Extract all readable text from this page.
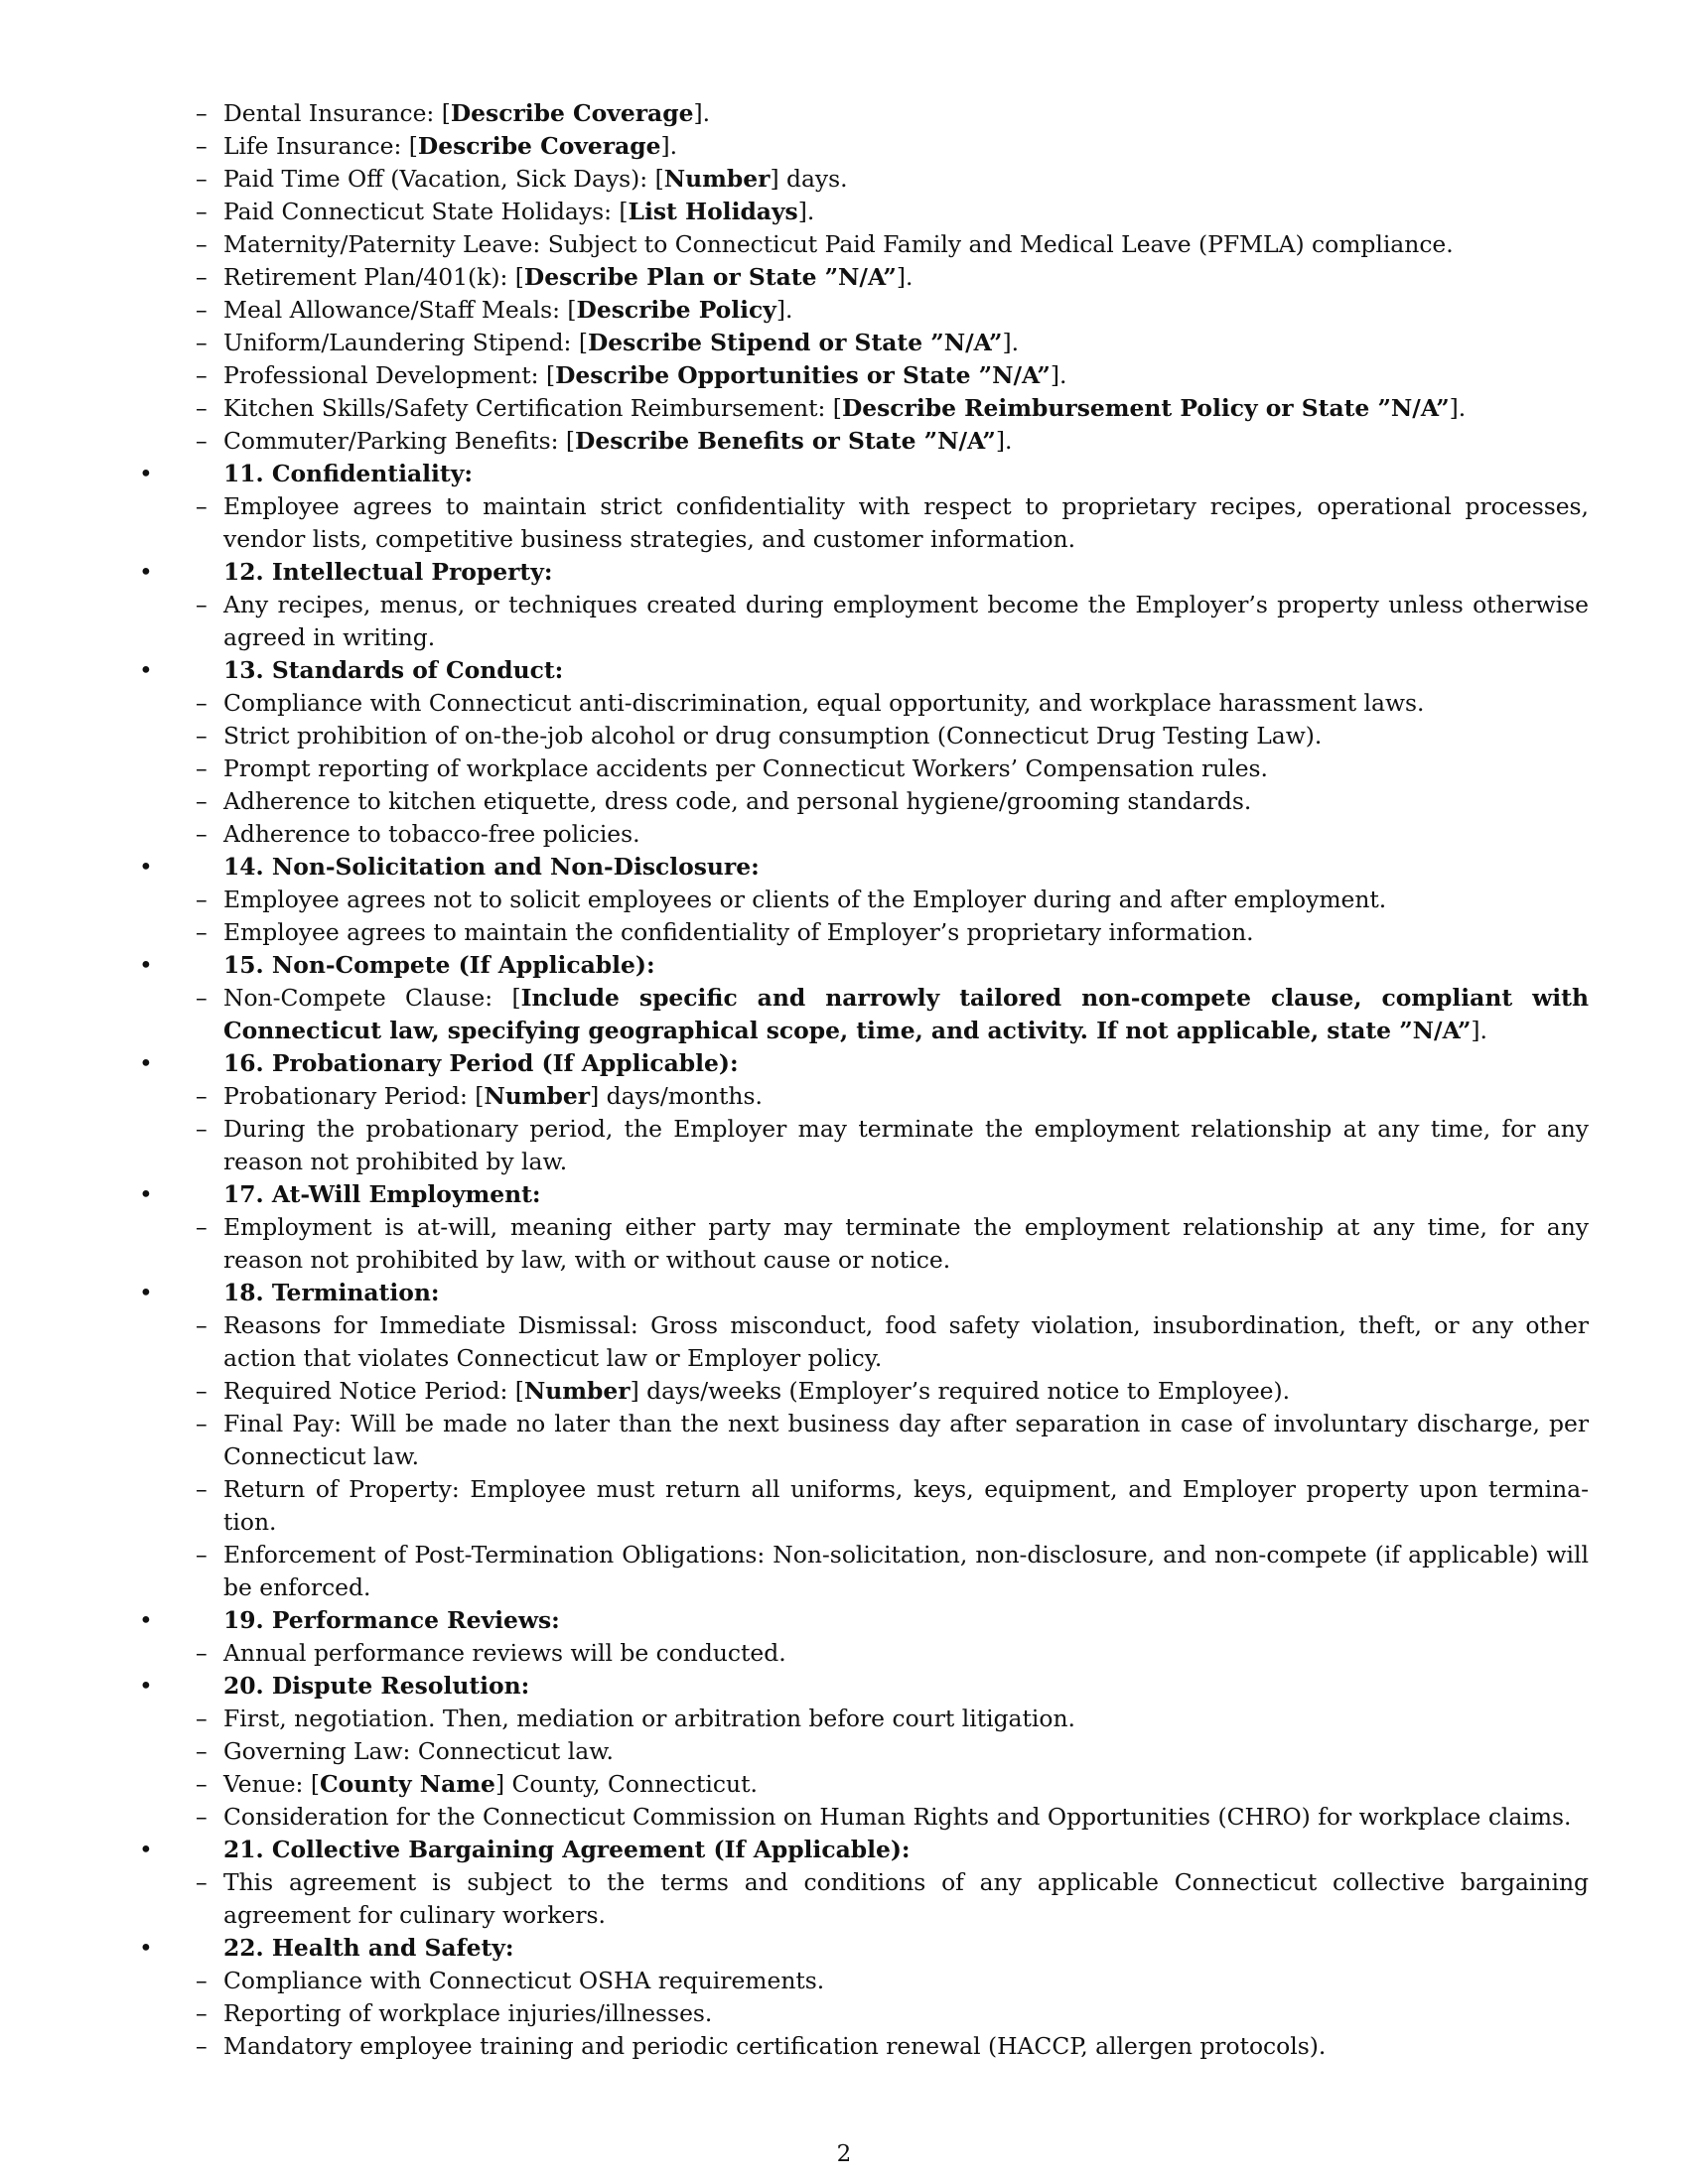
– Dental Insurance: [Describe Coverage].
– Life Insurance: [Describe Coverage].
– Paid Time Off (Vacation, Sick Days): [Number] days.
– Paid Connecticut State Holidays: [List Holidays].
– Maternity/Paternity Leave: Subject to Connecticut Paid Family and Medical Leave (PFMLA) compliance.
– Retirement Plan/401(k): [Describe Plan or State ”N/A”].
– Meal Allowance/Staff Meals: [Describe Policy].
– Uniform/Laundering Stipend: [Describe Stipend or State ”N/A”].
– Professional Development: [Describe Opportunities or State ”N/A”].
– Kitchen Skills/Safety Certification Reimbursement: [Describe Reimbursement Policy or State ”N/A”].
– Commuter/Parking Benefits: [Describe Benefits or State ”N/A”].
•	11. Confidentiality:
– Employee agrees to maintain strict confidentiality with respect to proprietary recipes, operational processes, vendor lists, competitive business strategies, and customer information.
•	12. Intellectual Property:
– Any recipes, menus, or techniques created during employment become the Employer’s property unless otherwise agreed in writing.
•	13. Standards of Conduct:
– Compliance with Connecticut anti-discrimination, equal opportunity, and workplace harassment laws.
– Strict prohibition of on-the-job alcohol or drug consumption (Connecticut Drug Testing Law).
– Prompt reporting of workplace accidents per Connecticut Workers’ Compensation rules.
– Adherence to kitchen etiquette, dress code, and personal hygiene/grooming standards.
– Adherence to tobacco-free policies.
•	14. Non-Solicitation and Non-Disclosure:
– Employee agrees not to solicit employees or clients of the Employer during and after employment.
– Employee agrees to maintain the confidentiality of Employer’s proprietary information.
•	15. Non-Compete (If Applicable):
– Non-Compete Clause: [Include specific and narrowly tailored non-compete clause, compliant with Connecticut law, specifying geographical scope, time, and activity. If not applicable, state ”N/A”].
•	16. Probationary Period (If Applicable):
– Probationary Period: [Number] days/months.
– During the probationary period, the Employer may terminate the employment relationship at any time, for any reason not prohibited by law.
•	17. At-Will Employment:
– Employment is at-will, meaning either party may terminate the employment relationship at any time, for any reason not prohibited by law, with or without cause or notice.
•	18. Termination:
– Reasons for Immediate Dismissal: Gross misconduct, food safety violation, insubordination, theft, or any other action that violates Connecticut law or Employer policy.
– Required Notice Period: [Number] days/weeks (Employer’s required notice to Employee).
– Final Pay: Will be made no later than the next business day after separation in case of involuntary discharge, per Connecticut law.
– Return of Property: Employee must return all uniforms, keys, equipment, and Employer property upon termina-tion.
– Enforcement of Post-Termination Obligations: Non-solicitation, non-disclosure, and non-compete (if applicable) will be enforced.
•	19. Performance Reviews:
– Annual performance reviews will be conducted.
•	20. Dispute Resolution:
– First, negotiation. Then, mediation or arbitration before court litigation.
– Governing Law: Connecticut law.
– Venue: [County Name] County, Connecticut.
– Consideration for the Connecticut Commission on Human Rights and Opportunities (CHRO) for workplace claims.
•	21. Collective Bargaining Agreement (If Applicable):
– This agreement is subject to the terms and conditions of any applicable Connecticut collective bargaining agreement for culinary workers.
•	22. Health and Safety:
– Compliance with Connecticut OSHA requirements.
– Reporting of workplace injuries/illnesses.
– Mandatory employee training and periodic certification renewal (HACCP, allergen protocols).
2
